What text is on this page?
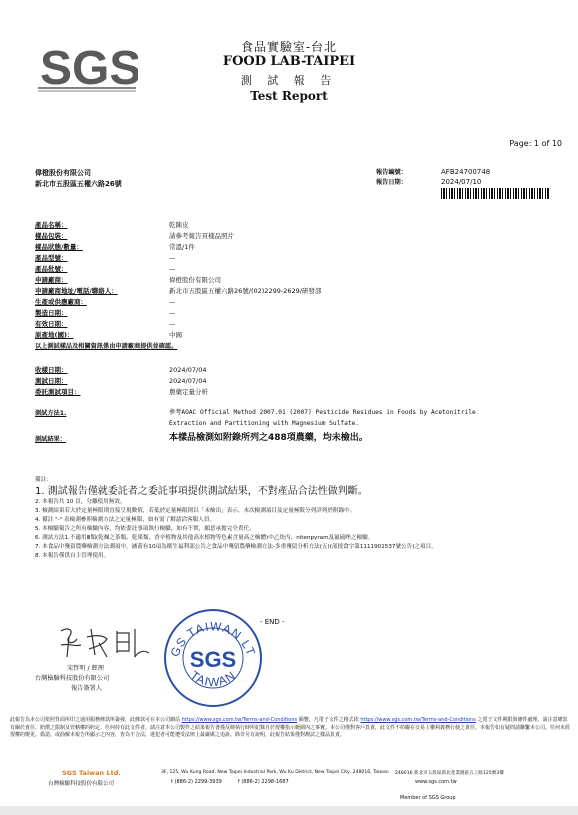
SGS	食品實驗室-台北
FOOD LAB-TAIPEI
測 試 報 告
Test Report
Page: 1 of 10
偉橙股份有限公司
新北市五股區五權六路26號
報告編號：	AFB24700748
報告日期：	2024/07/10
產品名稱：	乾陳皮
樣品包裝：	請參考報告頁樣品照片
樣品狀態/數量：	常溫/1件
產品型號：	—
產品批號：	—
申請廠商：	偉橙股份有限公司
申請廠商地址/電話/聯絡人：	新北市五股區五權六路26號/(02)2299-2629/研發部
生產或供應廠商：	—
製造日期：	—
有效日期：	—
原產地(國)：	中國
以上測試樣品及相關資訊係由申請廠商提供並確認。
收樣日期：	2024/07/04
測試日期：	2024/07/04
委託測試項目：	農藥定量分析
測試方法1.	參考AOAC Official Method 2007.01 (2007) Pesticide Residues in Foods by Acetonitrile
Extraction and Partitioning with Magnesium Sulfate.
測試結果：	本樣品檢測如附錄所列之488項農藥，均未檢出。
備註：
1. 測試報告僅就委託者之委託事項提供測試結果，不對產品合法性做判斷。
2. 本報告共 10 頁，分離使用無效。
3. 檢測結果若大於定量極限則直接呈現數值，若低於定量極限則以「未檢出」表示，本次檢測項目及定量極限分列詳列於附錄中。
4. 備註 "-" 表檢測參照檢測方法之定量極限，如有需了解請洽客服人員。
5. 本檢驗報告之所有檢驗內容，均依委託事項執行檢驗，如有不實，願意承擔完全責任。
6. 測試方法1.不適用Ⅲ類(乾燥之茶類、乾果類、香辛植物及其他高水植物等色素含量高之檢體)中乙炔丙、nitenpyram及氟硫唑之檢驗。
7. 本食品中殘留農藥檢測方法測項中，涵蓋有10項為衛生福利部公告之食品中殘留農藥檢測方法-多重殘留分析方法(五)(部授食字第1111901537號公告)之項目。
8. 本報告僅供自主管理使用。
宋哲明 / 經理
台灣檢驗科技股份有限公司
報告簽署人
GS TAIWAN LT
SGS
TAIWAN
- END -
此報告為本公司依照背面所印之通用服務條款所簽發，此條款可在本公司網站 https://www.sgs.com.tw/Terms-and-Conditions 閱覽，凡電子文件之格式依 https://www.sgs.com.tw/Terms-and-Conditions 之電子文件期限與條件處理。請注意條款有關於責任、賠償之限制及管轄權的約定。任何持有此文件者，請注意本公司製作之結果報告書僅反映執行時所紀錄且於授權指示範圍內之事實。本公司僅對客戶負責，此文件不妨礙在交易上權利義務行使之責任。本報告如有疑問請聯繫本公司。任何未經授權的變更、偽造、或曲解本報告所顯示之內容，皆為不合法，違犯者可能遭受法律上最嚴厲之追訴。除非另有說明，此報告結果僅對測試之樣品負責。
SGS Taiwan Ltd.
台灣檢驗科技股份有限公司
3F, 125, Wu Kung Road, New Taipei Industrial Park, Wu Ku District, New Taipei City, 248016, Taiwan 248016 新北市五股區新北產業園區五工路125號3樓
t (886-2) 2299-3939	f (886-2) 2298-1687	www.sgs.com.tw
Member of SGS Group
